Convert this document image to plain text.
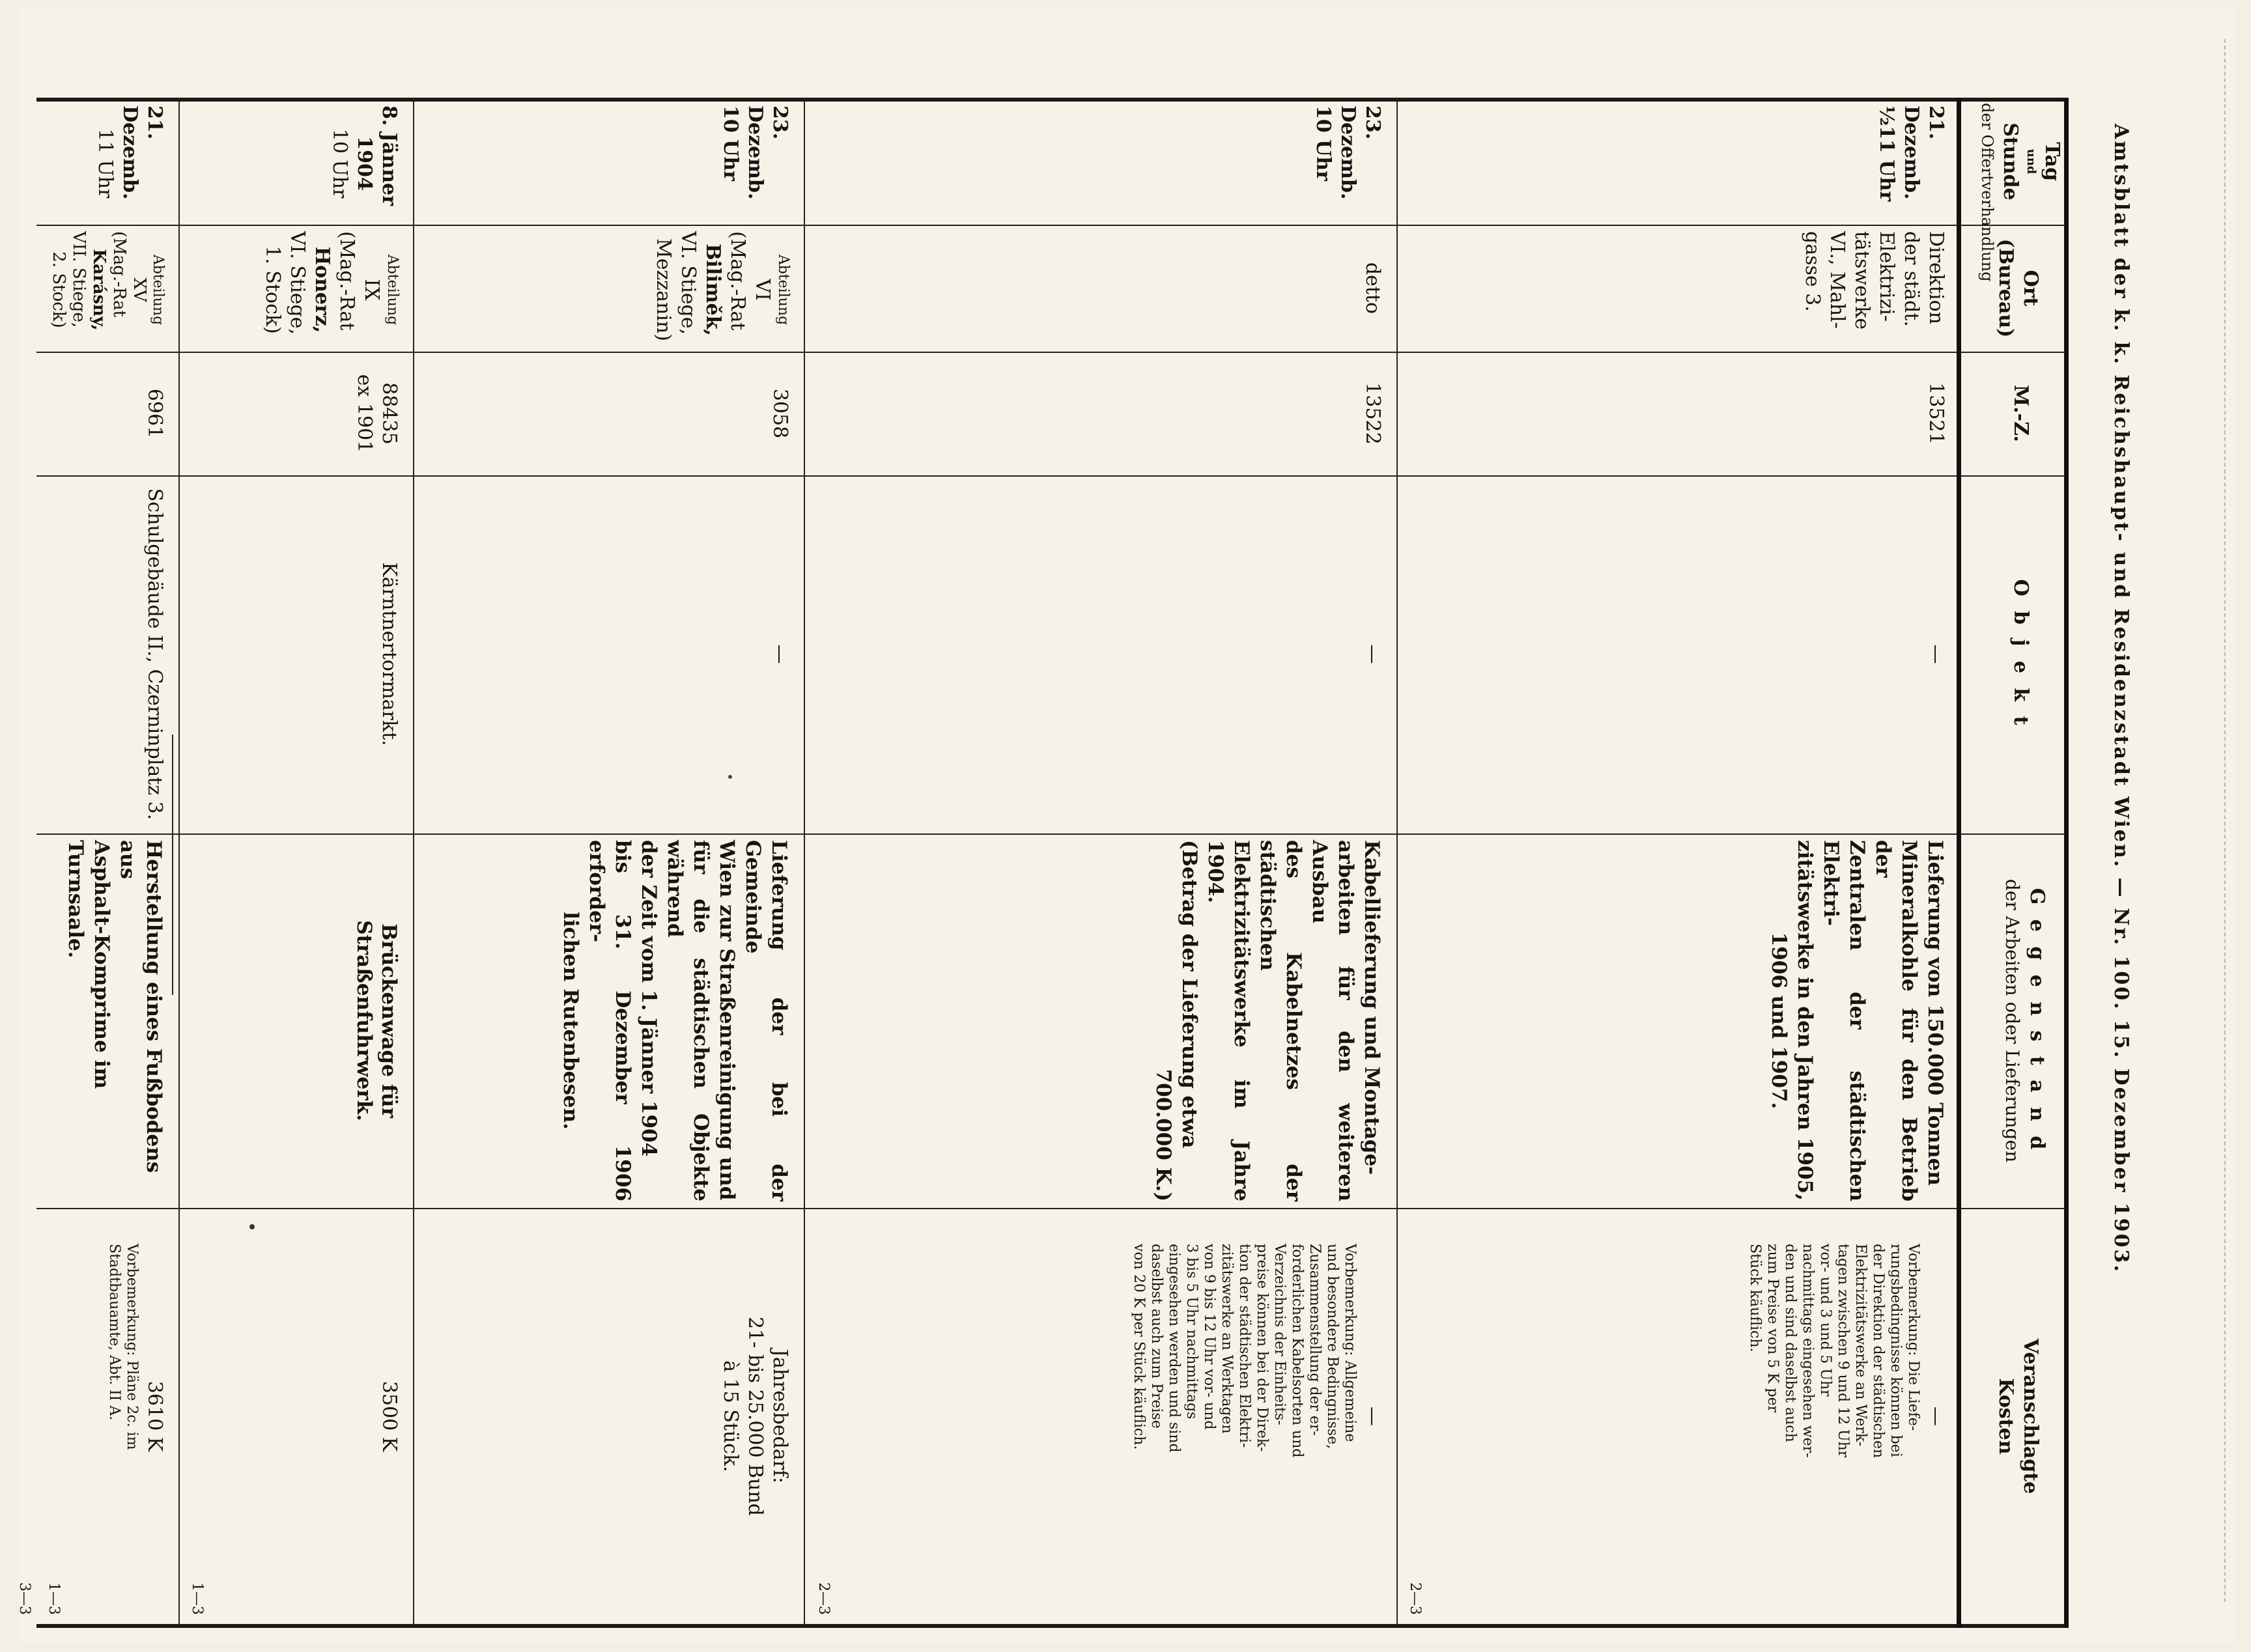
Amtsblatt der k. k. Reichshaupt- und Residenzstadt Wien. — Nr. 100. 15. Dezember 1903.
Tag
und
Stunde
der Offertverhandlung
Ort
(Bureau)
M.-Z.
O b j e k t
G e g e n s t a n d
der Arbeiten oder Lieferungen
Veranschlagte
Kosten
21. Dezemb.
½11 Uhr
Direktion
der städt.
Elektrizi-
tätswerke
VI., Mahl-
gasse 3.
13521
—
Lieferung von 150.000 Tonnen
Mineralkohle für den Betrieb der
Zentralen der städtischen Elektri-
zitätswerke in den Jahren 1905,
1906 und 1907.
—
Vorbemerkung: Die Liefe-
rungsbedingnisse können bei
der Direktion der städtischen
Elektrizitätswerke an Werk-
tagen zwischen 9 und 12 Uhr
vor- und 3 und 5 Uhr
nachmittags eingesehen wer-
den und sind daselbst auch
zum Preise von 5 K per
Stück käuflich.
2—3
23. Dezemb.
10 Uhr
detto
13522
—
Kabellieferung und Montage-
arbeiten für den weiteren Ausbau
des Kabelnetzes der städtischen
Elektrizitätswerke im Jahre 1904.
(Betrag der Lieferung etwa
700.000 K.)
—
Vorbemerkung: Allgemeine
und besondere Bedingnisse,
Zusammenstellung der er-
forderlichen Kabelsorten und
Verzeichnis der Einheits-
preise können bei der Direk-
tion der städtischen Elektri-
zitätswerke an Werktagen
von 9 bis 12 Uhr vor- und
3 bis 5 Uhr nachmittags
eingesehen werden und sind
daselbst auch zum Preise
von 20 K per Stück käuflich.
2—3
23. Dezemb.
10 Uhr
Abteilung
VI
(Mag.-Rat
Biliměk,
VI. Stiege,
Mezzanin)
3058
—
Lieferung der bei der Gemeinde
Wien zur Straßenreinigung und
für die städtischen Objekte während
der Zeit vom 1. Jänner 1904
bis 31. Dezember 1906 erforder-
lichen Rutenbesen.
Jahresbedarf:
21- bis 25.000 Bund
à 15 Stück.
8. Jänner
1904
10 Uhr
Abteilung
IX
(Mag.-Rat
Honerz,
VI. Stiege,
1. Stock)
88435
ex 1901
Kärntnertormarkt.
Brückenwage für Straßenfuhrwerk.
3500 K
1—3
21. Dezemb.
11 Uhr
Abteilung
XV
(Mag.-Rat
Karásny,
VII. Stiege,
2. Stock)
6961
Schulgebäude II., Czerninplatz 3.
Herstellung eines Fußbodens aus
Asphalt-Komprime im Turnsaale.
3610 K
Vorbemerkung: Pläne 2c. im
Stadtbauamte, Abt. II A.
1—3
3—3
